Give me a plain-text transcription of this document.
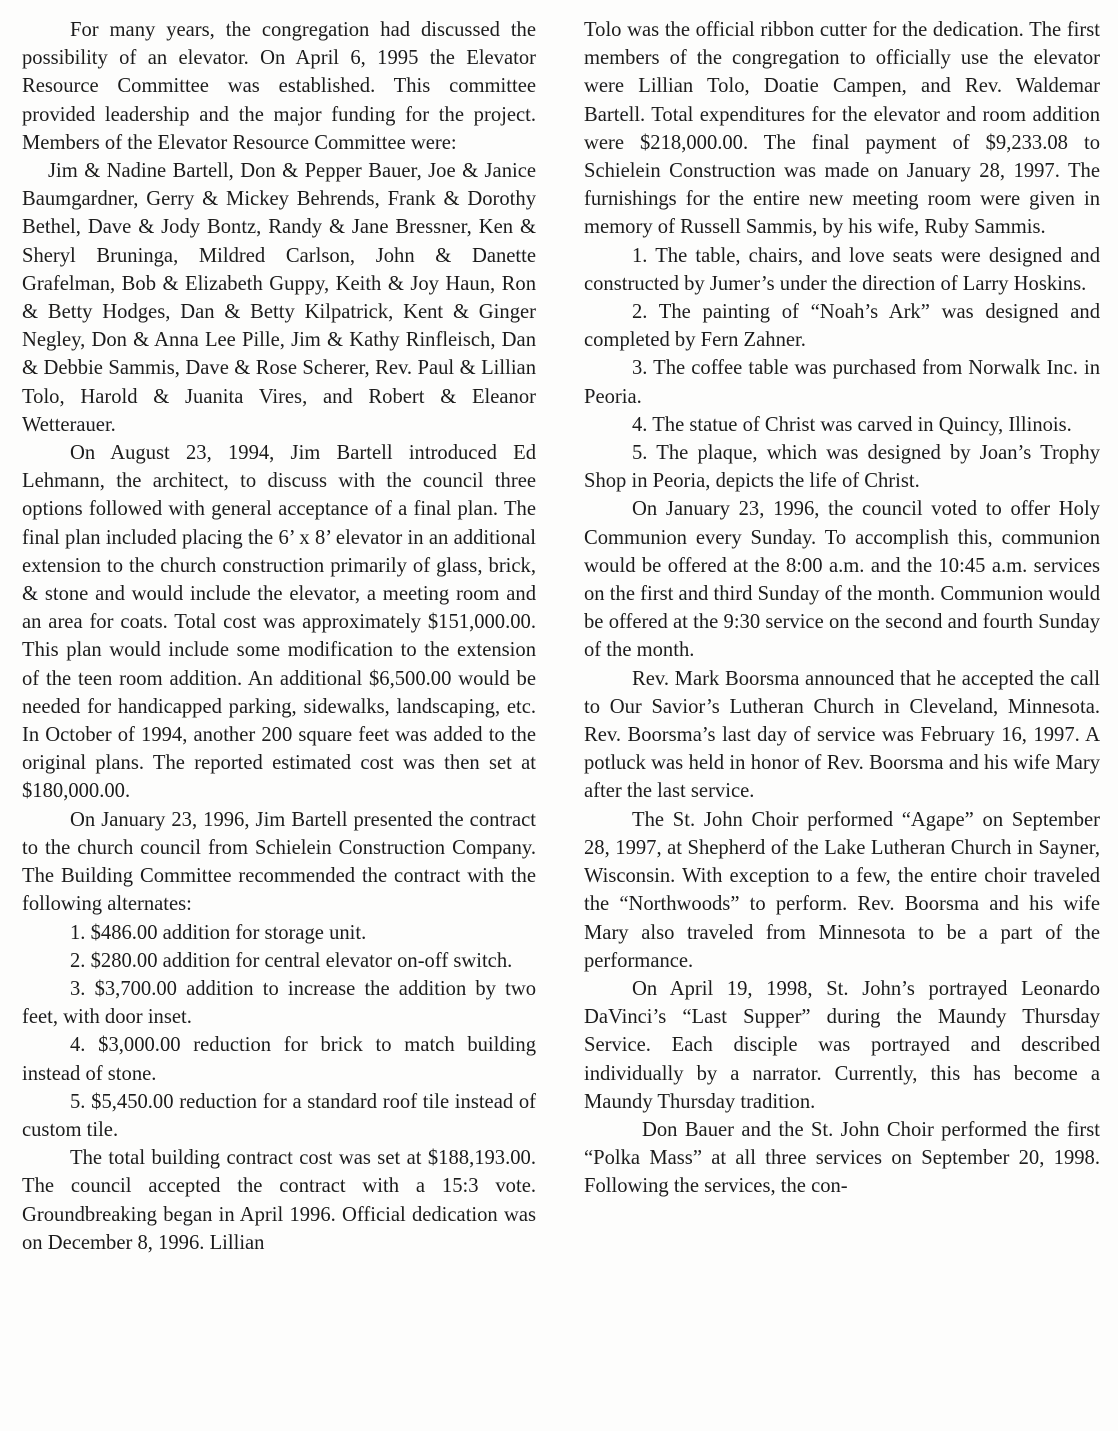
For many years, the congregation had discussed the possibility of an elevator. On April 6, 1995 the Elevator Resource Committee was established. This committee provided leadership and the major funding for the project. Members of the Elevator Resource Committee were:

Jim & Nadine Bartell, Don & Pepper Bauer, Joe & Janice Baumgardner, Gerry & Mickey Behrends, Frank & Dorothy Bethel, Dave & Jody Bontz, Randy & Jane Bressner, Ken & Sheryl Bruninga, Mildred Carlson, John & Danette Grafelman, Bob & Elizabeth Guppy, Keith & Joy Haun, Ron & Betty Hodges, Dan & Betty Kilpatrick, Kent & Ginger Negley, Don & Anna Lee Pille, Jim & Kathy Rinfleisch, Dan & Debbie Sammis, Dave & Rose Scherer, Rev. Paul & Lillian Tolo, Harold & Juanita Vires, and Robert & Eleanor Wetterauer.

On August 23, 1994, Jim Bartell introduced Ed Lehmann, the architect, to discuss with the council three options followed with general acceptance of a final plan. The final plan included placing the 6’ x 8’ elevator in an additional extension to the church construction primarily of glass, brick, & stone and would include the elevator, a meeting room and an area for coats. Total cost was approximately $151,000.00. This plan would include some modification to the extension of the teen room addition. An additional $6,500.00 would be needed for handicapped parking, sidewalks, landscaping, etc. In October of 1994, another 200 square feet was added to the original plans. The reported estimated cost was then set at $180,000.00.

On January 23, 1996, Jim Bartell presented the contract to the church council from Schielein Construction Company. The Building Committee recommended the contract with the following alternates:

1. $486.00 addition for storage unit.

2. $280.00 addition for central elevator on-off switch.

3. $3,700.00 addition to increase the addition by two feet, with door inset.

4. $3,000.00 reduction for brick to match building instead of stone.

5. $5,450.00 reduction for a standard roof tile instead of custom tile.

The total building contract cost was set at $188,193.00. The council accepted the contract with a 15:3 vote. Groundbreaking began in April 1996. Official dedication was on December 8, 1996. Lillian

Tolo was the official ribbon cutter for the dedication. The first members of the congregation to officially use the elevator were Lillian Tolo, Doatie Campen, and Rev. Waldemar Bartell. Total expenditures for the elevator and room addition were $218,000.00. The final payment of $9,233.08 to Schielein Construction was made on January 28, 1997. The furnishings for the entire new meeting room were given in memory of Russell Sammis, by his wife, Ruby Sammis.

1. The table, chairs, and love seats were designed and constructed by Jumer’s under the direction of Larry Hoskins.

2. The painting of “Noah’s Ark” was designed and completed by Fern Zahner.

3. The coffee table was purchased from Norwalk Inc. in Peoria.

4. The statue of Christ was carved in Quincy, Illinois.

5. The plaque, which was designed by Joan’s Trophy Shop in Peoria, depicts the life of Christ.

On January 23, 1996, the council voted to offer Holy Communion every Sunday. To accomplish this, communion would be offered at the 8:00 a.m. and the 10:45 a.m. services on the first and third Sunday of the month. Communion would be offered at the 9:30 service on the second and fourth Sunday of the month.

Rev. Mark Boorsma announced that he accepted the call to Our Savior’s Lutheran Church in Cleveland, Minnesota. Rev. Boorsma’s last day of service was February 16, 1997. A potluck was held in honor of Rev. Boorsma and his wife Mary after the last service.

The St. John Choir performed “Agape” on September 28, 1997, at Shepherd of the Lake Lutheran Church in Sayner, Wisconsin. With exception to a few, the entire choir traveled the “Northwoods” to perform. Rev. Boorsma and his wife Mary also traveled from Minnesota to be a part of the performance.

On April 19, 1998, St. John’s portrayed Leonardo DaVinci’s “Last Supper” during the Maundy Thursday Service. Each disciple was portrayed and described individually by a narrator. Currently, this has become a Maundy Thursday tradition.

Don Bauer and the St. John Choir performed the first “Polka Mass” at all three services on September 20, 1998. Following the services, the con-
